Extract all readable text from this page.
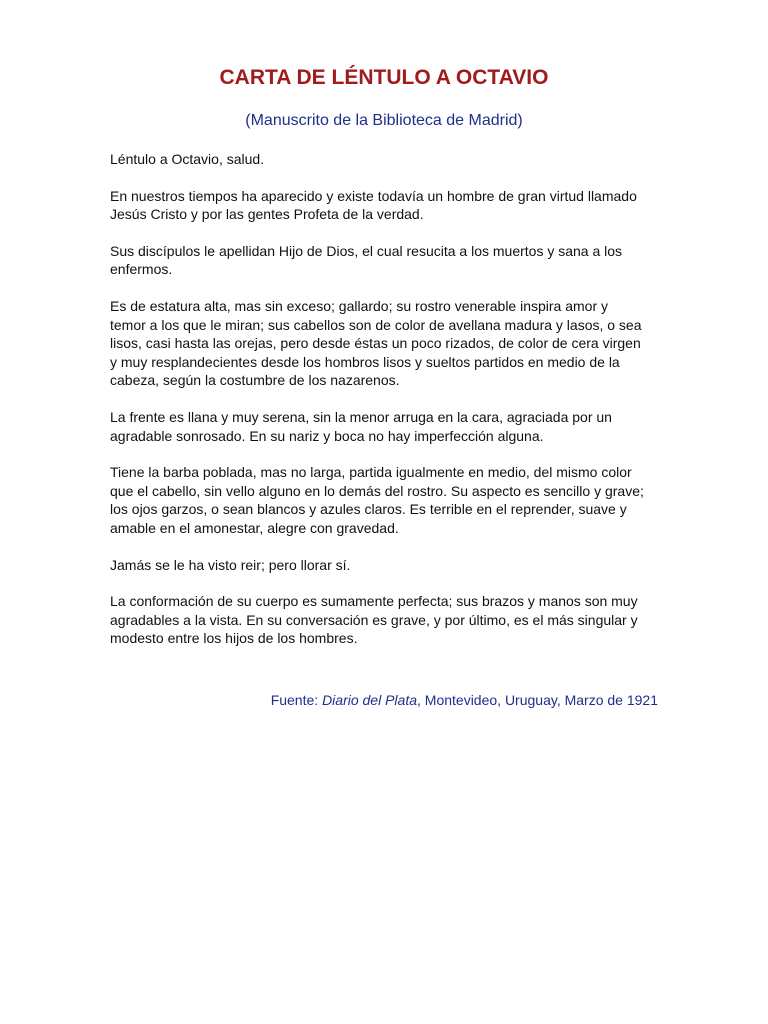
CARTA DE LÉNTULO A OCTAVIO
(Manuscrito de la Biblioteca de Madrid)

Léntulo a Octavio, salud.

En nuestros tiempos ha aparecido y existe todavía un hombre de gran virtud llamado Jesús Cristo y por las gentes Profeta de la verdad.

Sus discípulos le apellidan Hijo de Dios, el cual resucita a los muertos y sana a los enfermos.

Es de estatura alta, mas sin exceso; gallardo; su rostro venerable inspira amor y temor a los que le miran; sus cabellos son de color de avellana madura y lasos, o sea lisos, casi hasta las orejas, pero desde éstas un poco rizados, de color de cera virgen y muy resplandecientes desde los hombros lisos y sueltos partidos en medio de la cabeza, según la costumbre de los nazarenos.

La frente es llana y muy serena, sin la menor arruga en la cara, agraciada por un agradable sonrosado. En su nariz y boca no hay imperfección alguna.

Tiene la barba poblada, mas no larga, partida igualmente en medio, del mismo color que el cabello, sin vello alguno en lo demás del rostro. Su aspecto es sencillo y grave; los ojos garzos, o sean blancos y azules claros. Es terrible en el reprender, suave y amable en el amonestar, alegre con gravedad.

Jamás se le ha visto reir; pero llorar sí.

La conformación de su cuerpo es sumamente perfecta; sus brazos y manos son muy agradables a la vista. En su conversación es grave, y por último, es el más singular y modesto entre los hijos de los hombres.

Fuente: Diario del Plata, Montevideo, Uruguay, Marzo de 1921
